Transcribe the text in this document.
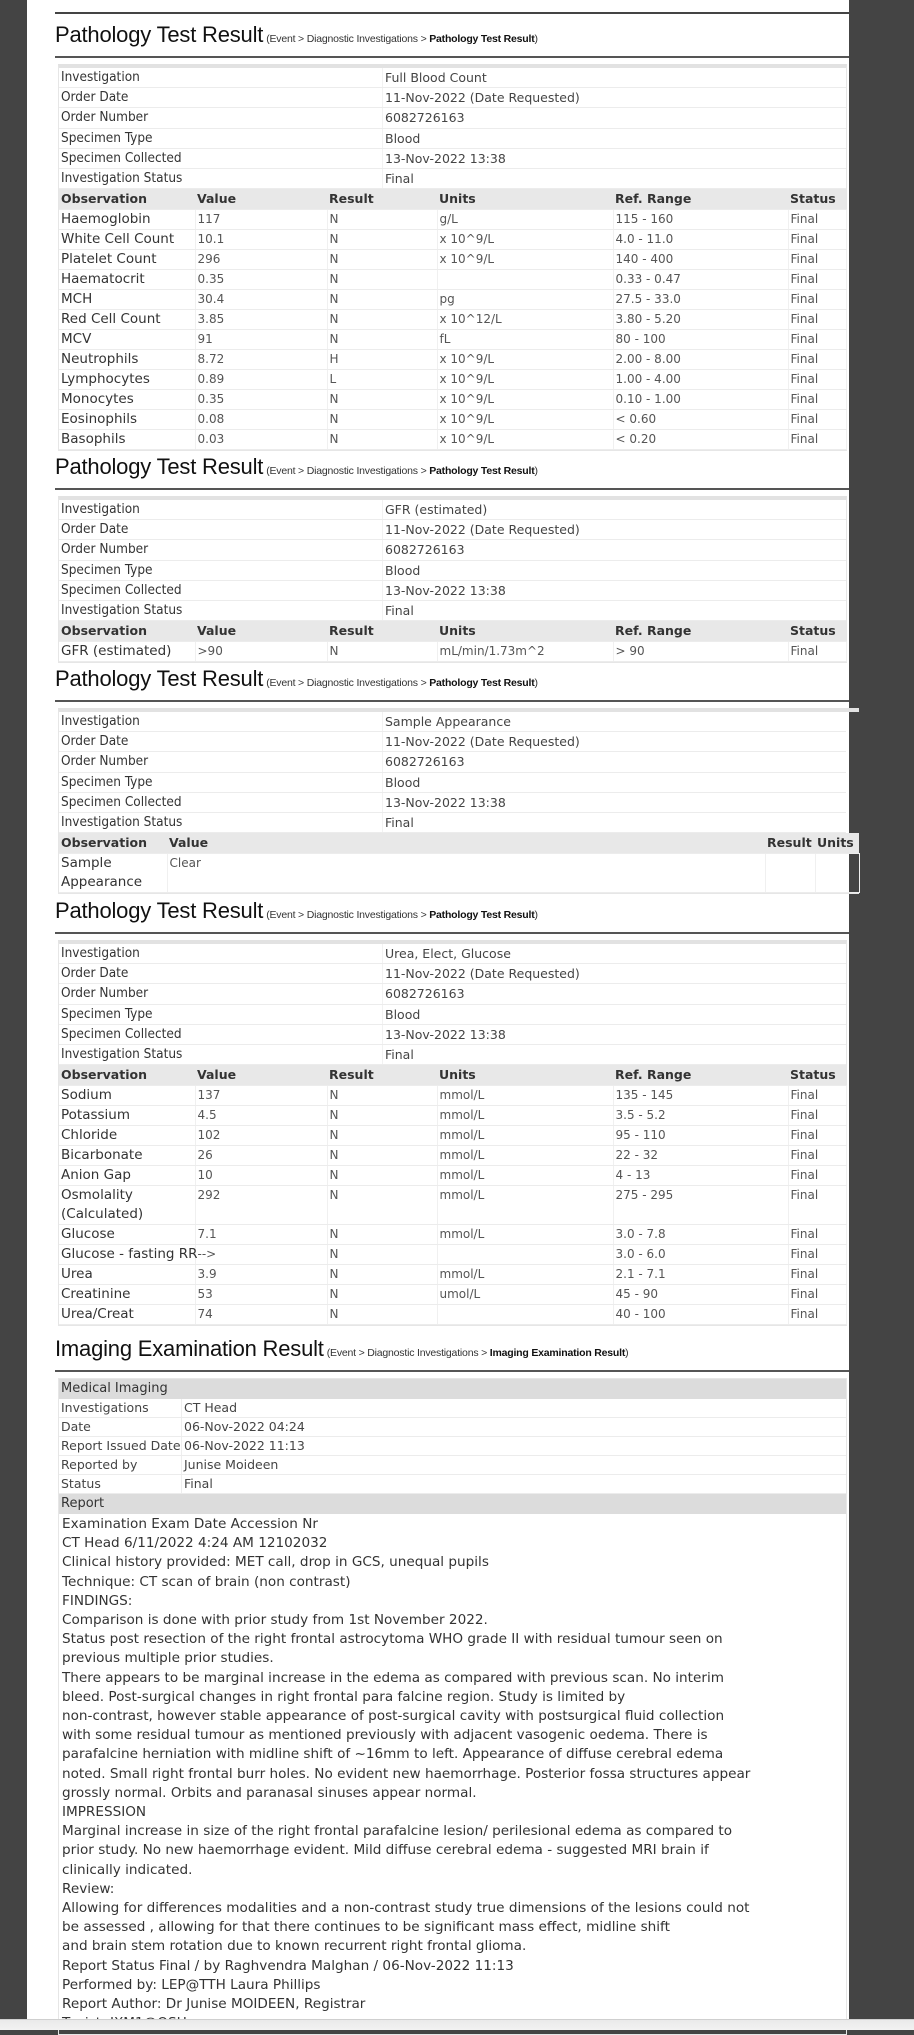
Pathology Test Result (Event > Diagnostic Investigations > Pathology Test Result)
Investigation	Full Blood Count
Order Date	11-Nov-2022 (Date Requested)
Order Number	6082726163
Specimen Type	Blood
Specimen Collected	13-Nov-2022 13:38
Investigation Status	Final
Observation	Value	Result	Units	Ref. Range	Status
Haemoglobin	117	N	g/L	115 - 160	Final
White Cell Count	10.1	N	x 10^9/L	4.0 - 11.0	Final
Platelet Count	296	N	x 10^9/L	140 - 400	Final
Haematocrit	0.35	N		0.33 - 0.47	Final
MCH	30.4	N	pg	27.5 - 33.0	Final
Red Cell Count	3.85	N	x 10^12/L	3.80 - 5.20	Final
MCV	91	N	fL	80 - 100	Final
Neutrophils	8.72	H	x 10^9/L	2.00 - 8.00	Final
Lymphocytes	0.89	L	x 10^9/L	1.00 - 4.00	Final
Monocytes	0.35	N	x 10^9/L	0.10 - 1.00	Final
Eosinophils	0.08	N	x 10^9/L	< 0.60	Final
Basophils	0.03	N	x 10^9/L	< 0.20	Final
Pathology Test Result (Event > Diagnostic Investigations > Pathology Test Result)
Investigation	GFR (estimated)
Order Date	11-Nov-2022 (Date Requested)
Order Number	6082726163
Specimen Type	Blood
Specimen Collected	13-Nov-2022 13:38
Investigation Status	Final
Observation	Value	Result	Units	Ref. Range	Status
GFR (estimated)	>90	N	mL/min/1.73m^2	> 90	Final
Pathology Test Result (Event > Diagnostic Investigations > Pathology Test Result)
Investigation	Sample Appearance
Order Date	11-Nov-2022 (Date Requested)
Order Number	6082726163
Specimen Type	Blood
Specimen Collected	13-Nov-2022 13:38
Investigation Status	Final
Observation	Value	Result	Units
Sample Appearance	Clear		
Pathology Test Result (Event > Diagnostic Investigations > Pathology Test Result)
Investigation	Urea, Elect, Glucose
Order Date	11-Nov-2022 (Date Requested)
Order Number	6082726163
Specimen Type	Blood
Specimen Collected	13-Nov-2022 13:38
Investigation Status	Final
Observation	Value	Result	Units	Ref. Range	Status
Sodium	137	N	mmol/L	135 - 145	Final
Potassium	4.5	N	mmol/L	3.5 - 5.2	Final
Chloride	102	N	mmol/L	95 - 110	Final
Bicarbonate	26	N	mmol/L	22 - 32	Final
Anion Gap	10	N	mmol/L	4 - 13	Final
Osmolality (Calculated)	292	N	mmol/L	275 - 295	Final
Glucose	7.1	N	mmol/L	3.0 - 7.8	Final
Glucose - fasting RR	-->	N		3.0 - 6.0	Final
Urea	3.9	N	mmol/L	2.1 - 7.1	Final
Creatinine	53	N	umol/L	45 - 90	Final
Urea/Creat	74	N		40 - 100	Final
Imaging Examination Result (Event > Diagnostic Investigations > Imaging Examination Result)
Medical Imaging
Investigations	CT Head
Date	06-Nov-2022 04:24
Report Issued Date	06-Nov-2022 11:13
Reported by	Junise Moideen
Status	Final
Report
Examination Exam Date Accession Nr
CT Head 6/11/2022 4:24 AM 12102032
Clinical history provided: MET call, drop in GCS, unequal pupils
Technique: CT scan of brain (non contrast)
FINDINGS:
Comparison is done with prior study from 1st November 2022.
Status post resection of the right frontal astrocytoma WHO grade II with residual tumour seen on previous multiple prior studies.
There appears to be marginal increase in the edema as compared with previous scan. No interim bleed. Post-surgical changes in right frontal para falcine region. Study is limited by
non-contrast, however stable appearance of post-surgical cavity with postsurgical fluid collection with some residual tumour as mentioned previously with adjacent vasogenic oedema. There is parafalcine herniation with midline shift of ~16mm to left. Appearance of diffuse cerebral edema noted. Small right frontal burr holes. No evident new haemorrhage. Posterior fossa structures appear grossly normal. Orbits and paranasal sinuses appear normal.
IMPRESSION
Marginal increase in size of the right frontal parafalcine lesion/ perilesional edema as compared to prior study. No new haemorrhage evident. Mild diffuse cerebral edema - suggested MRI brain if clinically indicated.
Review:
Allowing for differences modalities and a non-contrast study true dimensions of the lesions could not be assessed , allowing for that there continues to be significant mass effect, midline shift
and brain stem rotation due to known recurrent right frontal glioma.
Report Status Final / by Raghvendra Malghan / 06-Nov-2022 11:13
Performed by: LEP@TTH Laura Phillips
Report Author: Dr Junise MOIDEEN, Registrar
